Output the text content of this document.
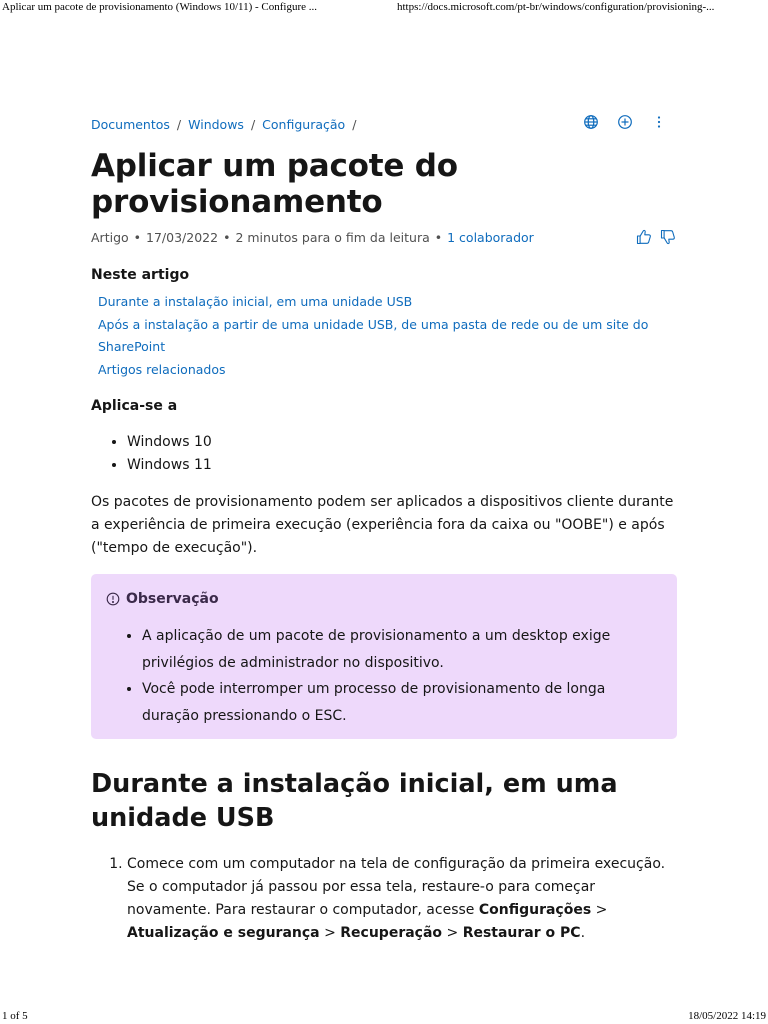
Aplicar um pacote de provisionamento (Windows 10/11) - Configure ...	https://docs.microsoft.com/pt-br/windows/configuration/provisioning-...
Documentos / Windows / Configuração /
Aplicar um pacote do provisionamento
Artigo • 17/03/2022 • 2 minutos para o fim da leitura • 1 colaborador
Neste artigo
Durante a instalação inicial, em uma unidade USB
Após a instalação a partir de uma unidade USB, de uma pasta de rede ou de um site do SharePoint
Artigos relacionados
Aplica-se a
• Windows 10
• Windows 11

Os pacotes de provisionamento podem ser aplicados a dispositivos cliente durante a experiência de primeira execução (experiência fora da caixa ou "OOBE") e após ("tempo de execução").

Observação
• A aplicação de um pacote de provisionamento a um desktop exige privilégios de administrador no dispositivo.
• Você pode interromper um processo de provisionamento de longa duração pressionando o ESC.
Durante a instalação inicial, em uma unidade USB
1. Comece com um computador na tela de configuração da primeira execução. Se o computador já passou por essa tela, restaure-o para começar novamente. Para restaurar o computador, acesse Configurações > Atualização e segurança > Recuperação > Restaurar o PC.
1 of 5	18/05/2022 14:19
